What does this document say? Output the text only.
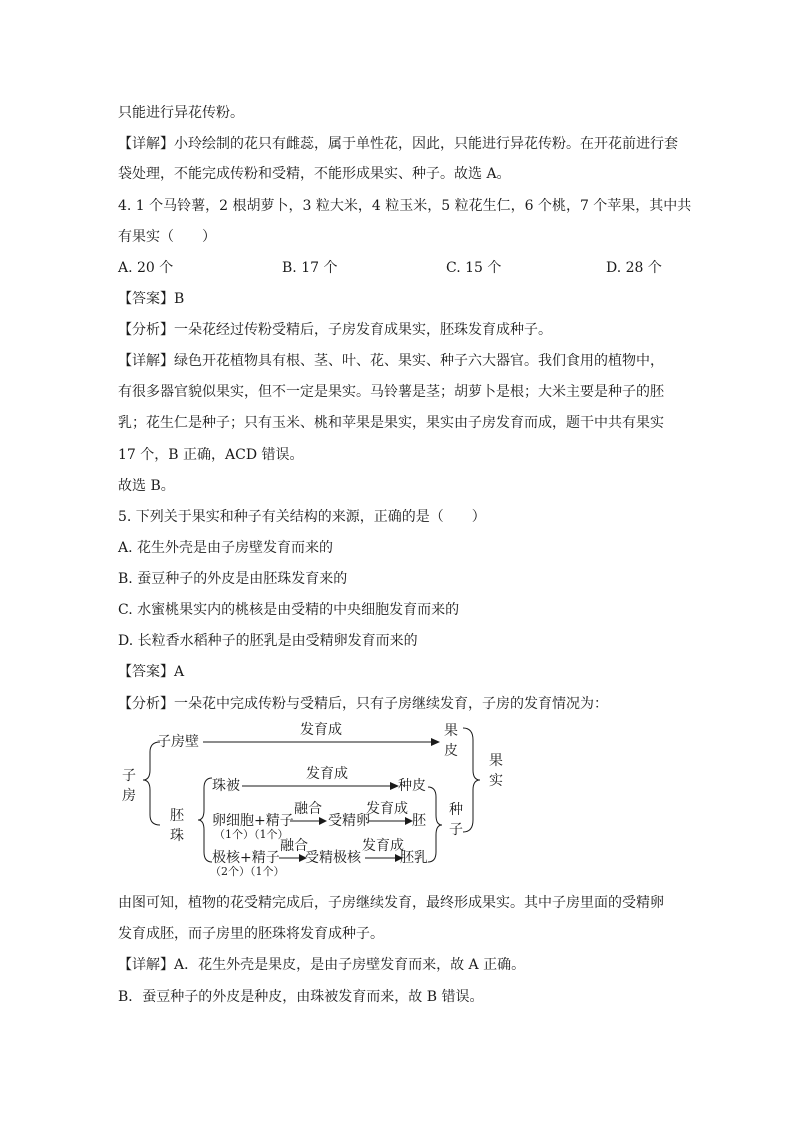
只能进行异花传粉。
【详解】小玲绘制的花只有雌蕊，属于单性花，因此，只能进行异花传粉。在开花前进行套
袋处理，不能完成传粉和受精，不能形成果实、种子。故选 A。
4. 1 个马铃薯，2 根胡萝卜，3 粒大米，4 粒玉米，5 粒花生仁，6 个桃，7 个苹果，其中共
有果实（　　）
A. 20 个	B. 17 个	C. 15 个	D. 28 个
【答案】B
【分析】一朵花经过传粉受精后，子房发育成果实，胚珠发育成种子。
【详解】绿色开花植物具有根、茎、叶、花、果实、种子六大器官。我们食用的植物中，
有很多器官貌似果实，但不一定是果实。马铃薯是茎；胡萝卜是根；大米主要是种子的胚
乳；花生仁是种子；只有玉米、桃和苹果是果实，果实由子房发育而成，题干中共有果实
17 个，B 正确，ACD 错误。
故选 B。
5. 下列关于果实和种子有关结构的来源，正确的是（　　）
A. 花生外壳是由子房壁发育而来的
B. 蚕豆种子的外皮是由胚珠发育来的
C. 水蜜桃果实内的桃核是由受精的中央细胞发育而来的
D. 长粒香水稻种子的胚乳是由受精卵发育而来的
【答案】A
【分析】一朵花中完成传粉与受精后，只有子房继续发育，子房的发育情况为：
子
房
子房壁
发育成	果
皮
果
实
珠被
发育成
种皮
胚
珠
卵细胞+精子
（1个）（1个）
融合
受精卵
发育成
胚
种
子
极核+精子
（2个）（1个）
融合
受精极核
发育成
胚乳
由图可知，植物的花受精完成后，子房继续发育，最终形成果实。其中子房里面的受精卵
发育成胚，而子房里的胚珠将发育成种子。
【详解】A．花生外壳是果皮，是由子房壁发育而来，故 A 正确。
B．蚕豆种子的外皮是种皮，由珠被发育而来，故 B 错误。
